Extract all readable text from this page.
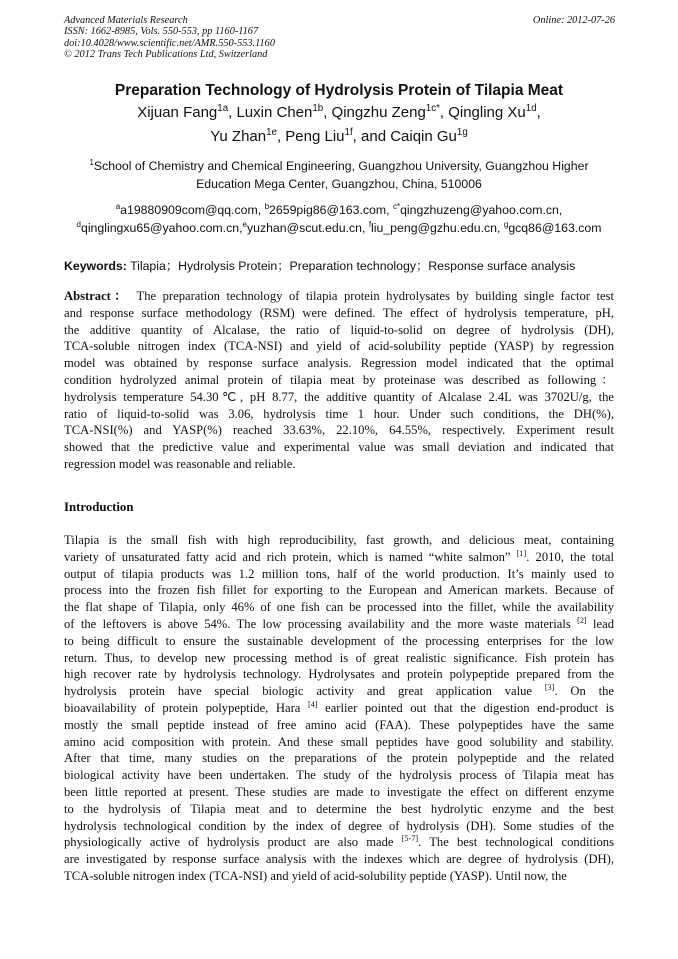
Advanced Materials Research
ISSN: 1662-8985, Vols. 550-553, pp 1160-1167
doi:10.4028/www.scientific.net/AMR.550-553.1160
© 2012 Trans Tech Publications Ltd, Switzerland
Online: 2012-07-26
Preparation Technology of Hydrolysis Protein of Tilapia Meat
Xijuan Fang$^{1a}$, Luxin Chen$^{1b}$, Qingzhu Zeng$^{1c*}$, Qingling $Xu^{1d}$,
Yu Zhan$^{1e}$, Peng Liu$^{1f}$, and Caiqin $Gu^{1g}$
$^1$School of Chemistry and Chemical Engineering, Guangzhou University, Guangzhou Higher
Education Mega Center, Guangzhou, China, 510006
$^a$a19880909com@qq.com, $^b$2659pig86@163.com, $^{c*}$qingzhuzeng@yahoo.com.cn,
$^d$qinglingxu65@yahoo.com.cn,$^e$yuzhan@scut.edu.cn, $^f$liu_peng@gzhu.edu.cn, $^g$gcq86@163.com
Keywords: Tilapia；Hydrolysis Protein；Preparation technology；Response surface analysis
Abstract： The preparation technology of tilapia protein hydrolysates by building single factor test
and response surface methodology (RSM) were defined. The effect of hydrolysis temperature, pH,
the additive quantity of Alcalase, the ratio of liquid-to-solid on degree of hydrolysis (DH),
TCA-soluble nitrogen index (TCA-NSI) and yield of acid-solubility peptide (YASP) by regression
model was obtained by response surface analysis. Regression model indicated that the optimal
condition hydrolyzed animal protein of tilapia meat by proteinase was described as following：
hydrolysis temperature 54.30℃, pH 8.77, the additive quantity of Alcalase 2.4L was 3702U/g, the
ratio of liquid-to-solid was 3.06, hydrolysis time 1 hour. Under such conditions, the DH(%),
TCA-NSI(%) and YASP(%) reached 33.63%, 22.10%, 64.55%, respectively. Experiment result
showed that the predictive value and experimental value was small deviation and indicated that
regression model was reasonable and reliable.
Introduction
Tilapia is the small fish with high reproducibility, fast growth, and delicious meat, containing
variety of unsaturated fatty acid and rich protein, which is named “white salmon” [1]. 2010, the total
output of tilapia products was 1.2 million tons, half of the world production. It’s mainly used to
process into the frozen fish fillet for exporting to the European and American markets. Because of
the flat shape of Tilapia, only 46% of one fish can be processed into the fillet, while the availability
of the leftovers is above 54%. The low processing availability and the more waste materials [2] lead
to being difficult to ensure the sustainable development of the processing enterprises for the low
return. Thus, to develop new processing method is of great realistic significance. Fish protein has
high recover rate by hydrolysis technology. Hydrolysates and protein polypeptide prepared from the
hydrolysis protein have special biologic activity and great application value [3]. On the
bioavailability of protein polypeptide, Hara [4] earlier pointed out that the digestion end-product is
mostly the small peptide instead of free amino acid (FAA). These polypeptides have the same
amino acid composition with protein. And these small peptides have good solubility and stability.
After that time, many studies on the preparations of the protein polypeptide and the related
biological activity have been undertaken. The study of the hydrolysis process of Tilapia meat has
been little reported at present. These studies are made to investigate the effect on different enzyme
to the hydrolysis of Tilapia meat and to determine the best hydrolytic enzyme and the best
hydrolysis technological condition by the index of degree of hydrolysis (DH). Some studies of the
physiologically active of hydrolysis product are also made [5-7]. The best technological conditions
are investigated by response surface analysis with the indexes which are degree of hydrolysis (DH),
TCA-soluble nitrogen index (TCA-NSI) and yield of acid-solubility peptide (YASP). Until now, the
